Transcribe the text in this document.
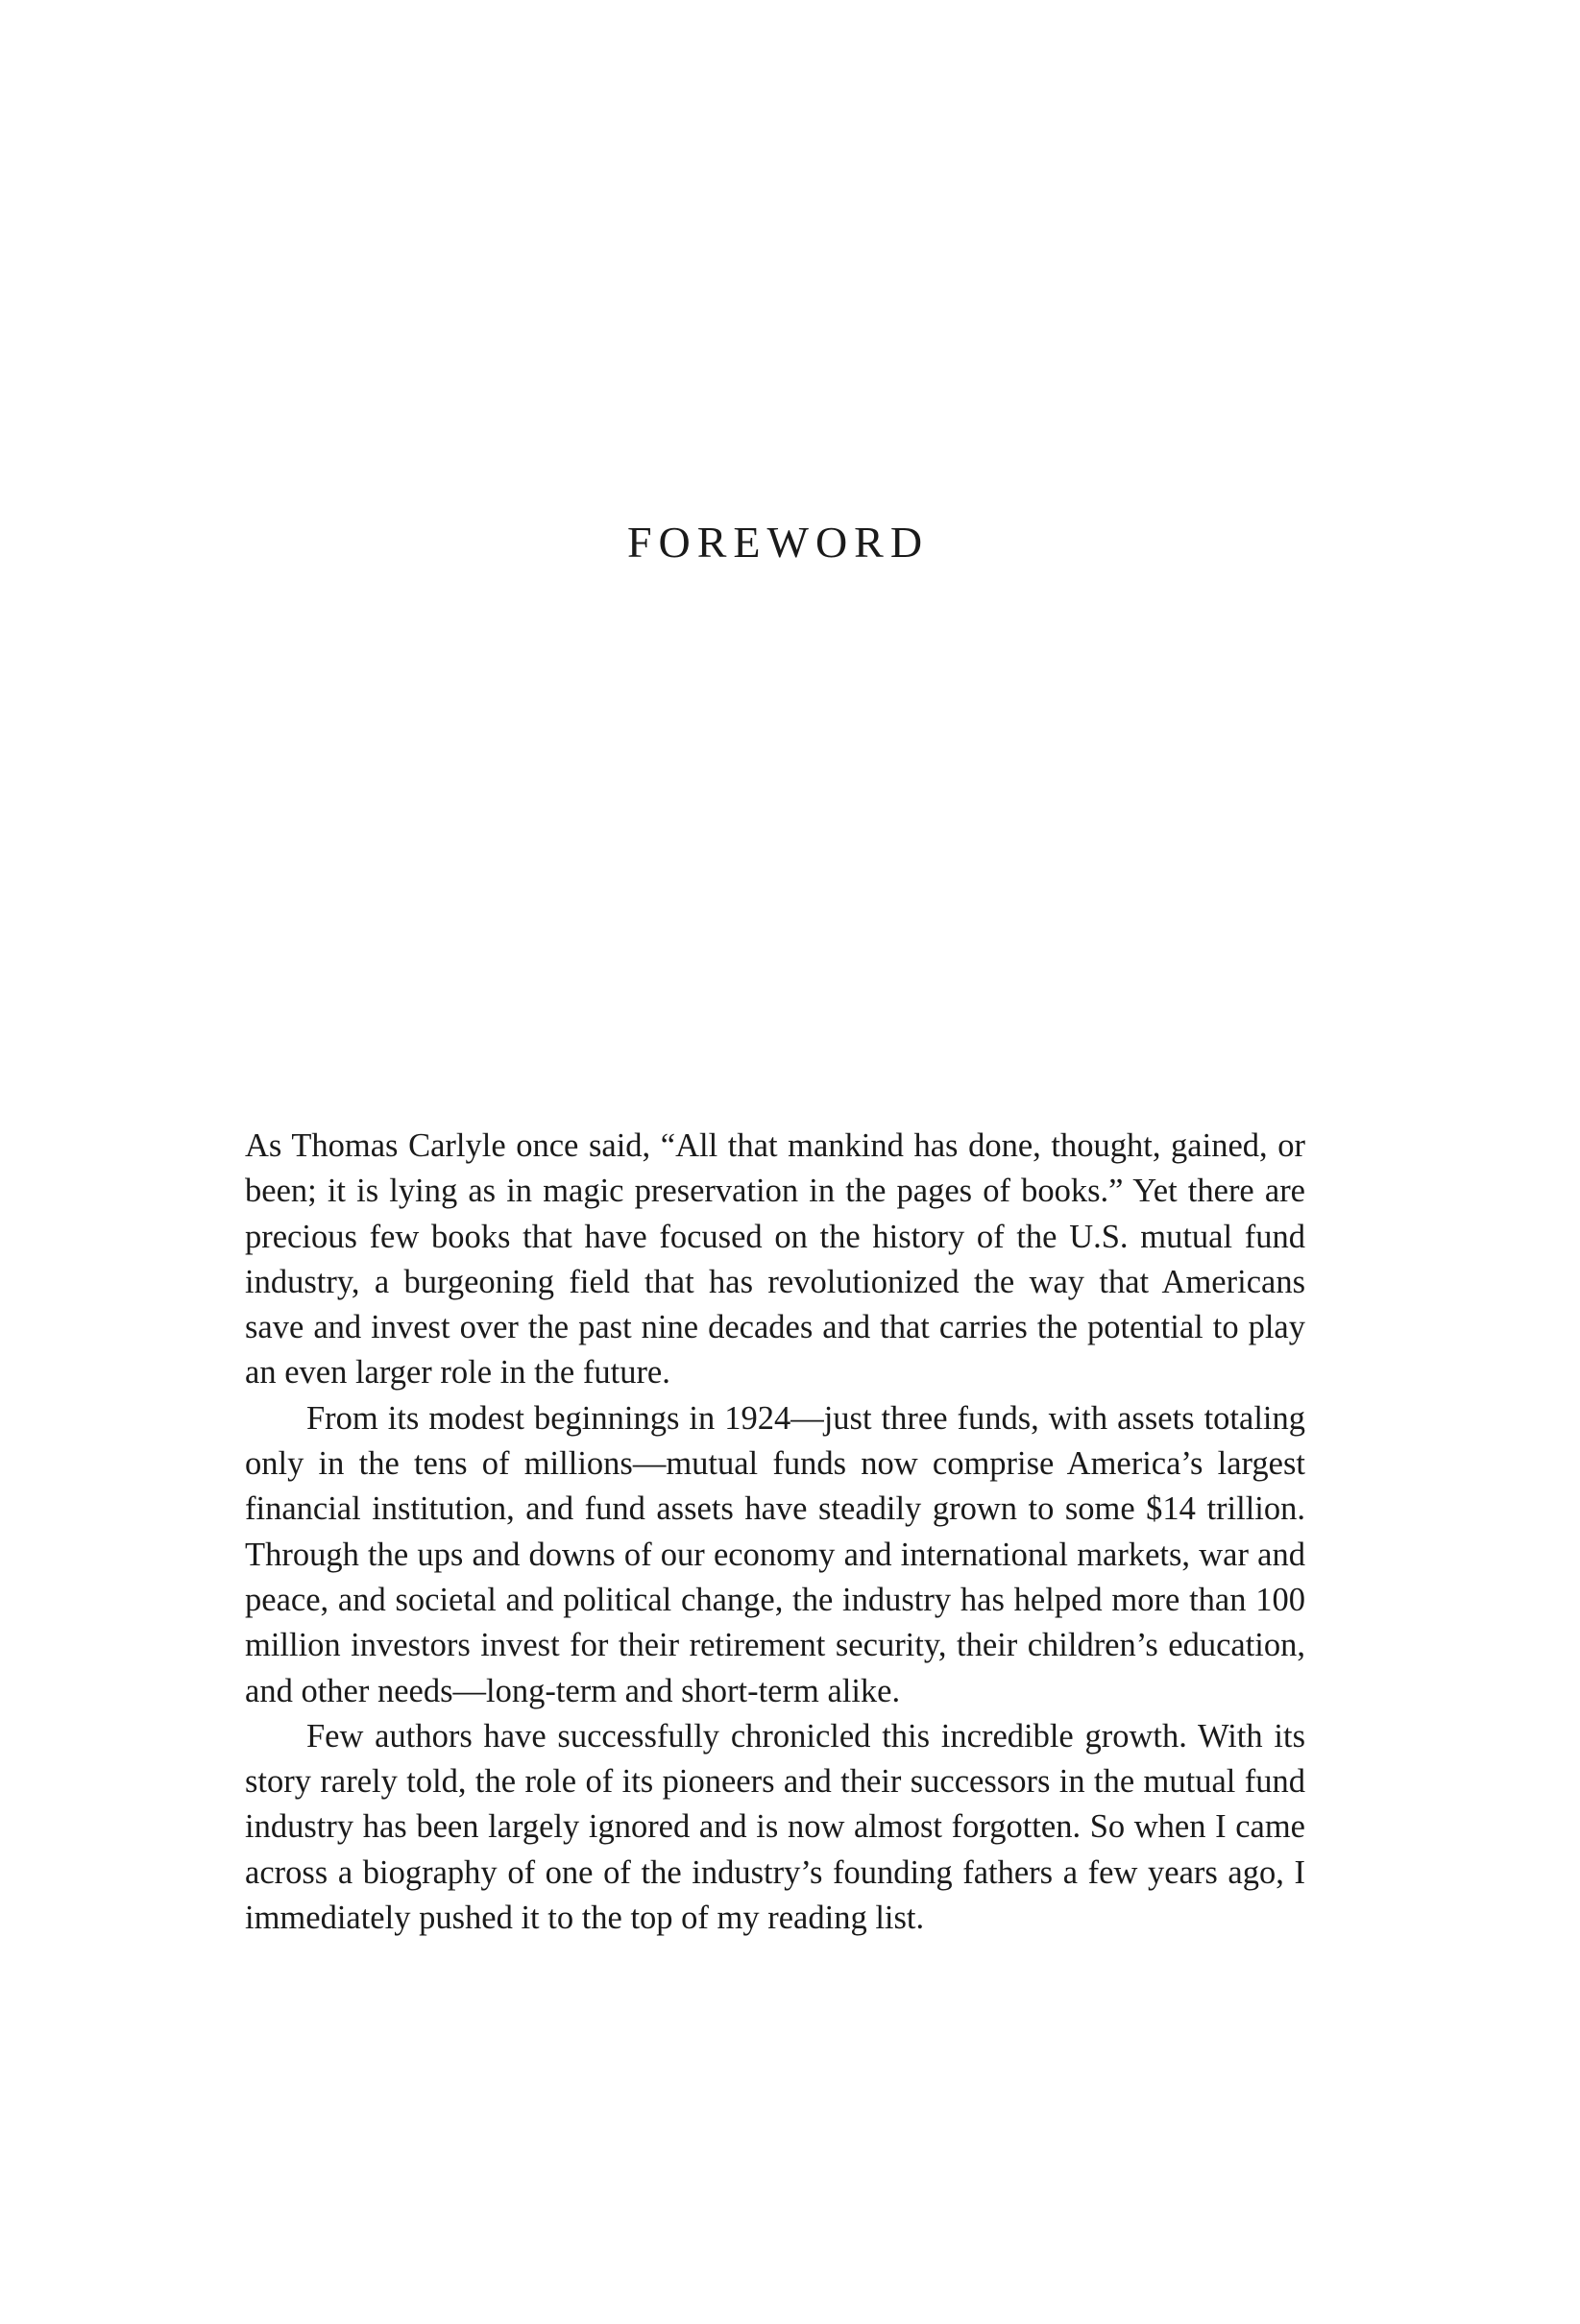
FOREWORD

As Thomas Carlyle once said, “All that mankind has done, thought, gained, or been; it is lying as in magic preservation in the pages of books.” Yet there are precious few books that have focused on the history of the U.S. mutual fund industry, a burgeoning field that has revolutionized the way that Americans save and invest over the past nine decades and that carries the potential to play an even larger role in the future.

From its modest beginnings in 1924—just three funds, with assets totaling only in the tens of millions—mutual funds now comprise America’s largest financial institution, and fund assets have steadily grown to some $14 trillion. Through the ups and downs of our economy and international markets, war and peace, and societal and political change, the industry has helped more than 100 million investors invest for their retirement security, their children’s education, and other needs—long-term and short-term alike.

Few authors have successfully chronicled this incredible growth. With its story rarely told, the role of its pioneers and their successors in the mutual fund industry has been largely ignored and is now almost forgotten. So when I came across a biography of one of the industry’s founding fathers a few years ago, I immediately pushed it to the top of my reading list.
